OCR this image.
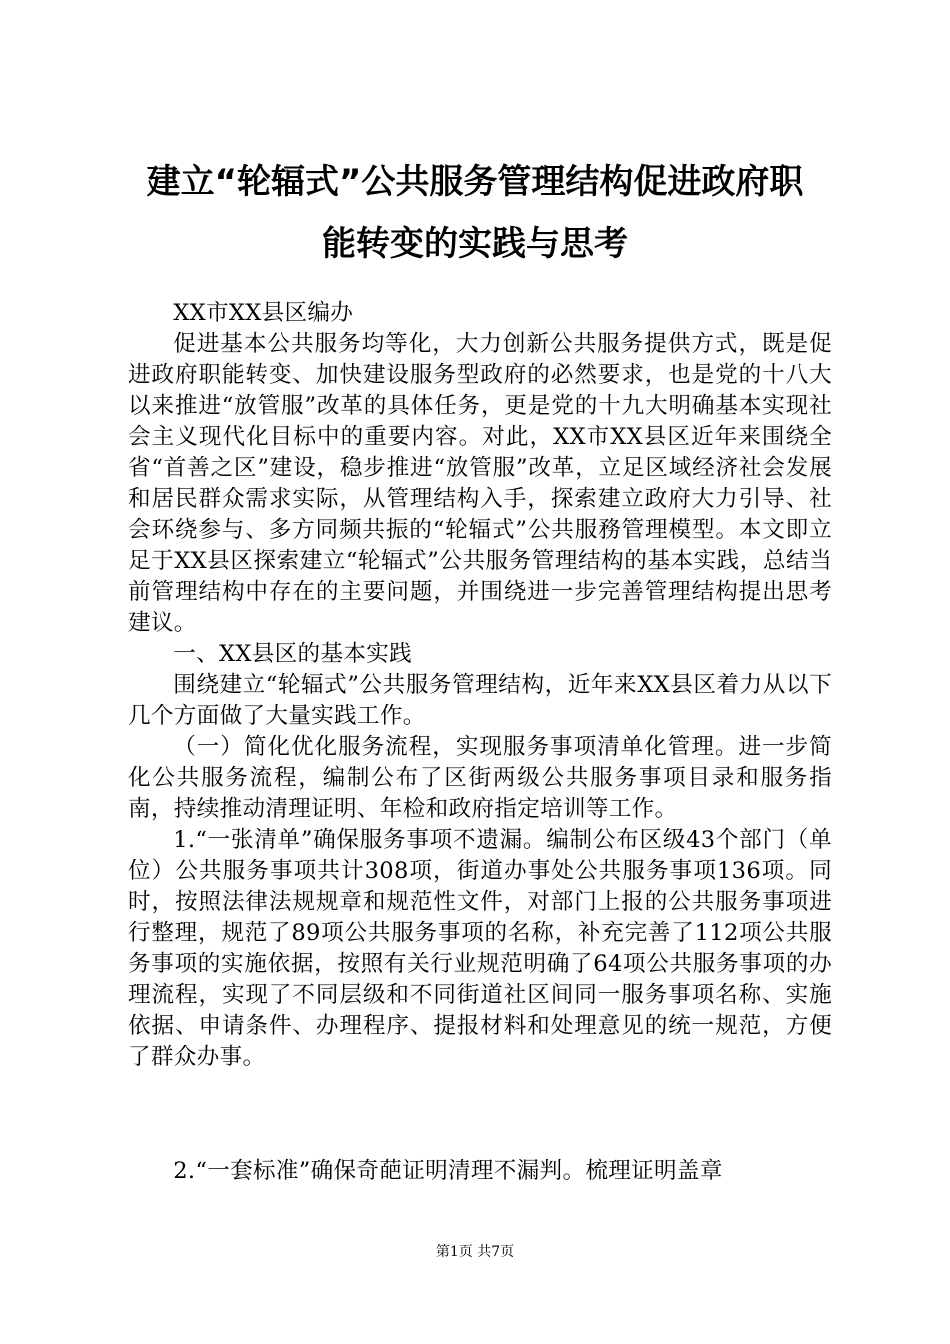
建立“轮辐式”公共服务管理结构促进政府职
能转变的实践与思考

XX市XX县区编办

促进基本公共服务均等化，大力创新公共服务提供方式，既是促进政府职能转变、加快建设服务型政府的必然要求，也是党的十八大以来推进“放管服”改革的具体任务，更是党的十九大明确基本实现社会主义现代化目标中的重要内容。对此，XX市XX县区近年来围绕全省“首善之区”建设，稳步推进“放管服”改革，立足区域经济社会发展和居民群众需求实际，从管理结构入手，探索建立政府大力引导、社会环绕参与、多方同频共振的“轮辐式”公共服務管理模型。本文即立足于XX县区探索建立“轮辐式”公共服务管理结构的基本实践，总结当前管理结构中存在的主要问题，并围绕进一步完善管理结构提出思考建议。

一、XX县区的基本实践

围绕建立“轮辐式”公共服务管理结构，近年来XX县区着力从以下几个方面做了大量实践工作。

（一）简化优化服务流程，实现服务事项清单化管理。进一步简化公共服务流程，编制公布了区街两级公共服务事项目录和服务指南，持续推动清理证明、年检和政府指定培训等工作。

1.“一张清单”确保服务事项不遗漏。编制公布区级43个部门（单位）公共服务事项共计308项，街道办事处公共服务事项136项。同时，按照法律法规规章和规范性文件，对部门上报的公共服务事项进行整理，规范了89项公共服务事项的名称，补充完善了112项公共服务事项的实施依据，按照有关行业规范明确了64项公共服务事项的办理流程，实现了不同层级和不同街道社区间同一服务事项名称、实施依据、申请条件、办理程序、提报材料和处理意见的统一规范，方便了群众办事。

2.“一套标准”确保奇葩证明清理不漏判。梳理证明盖章

第1页 共7页
